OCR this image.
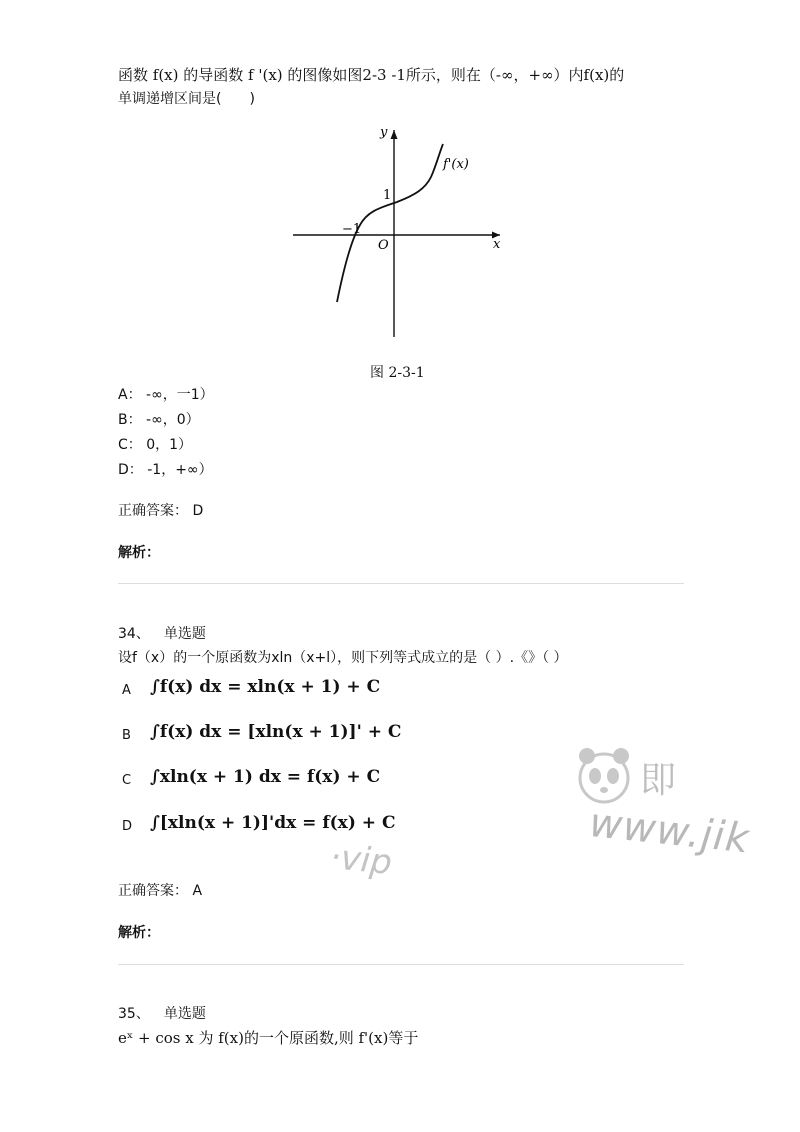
函数 f(x) 的导函数 f '(x) 的图像如图2-3 -1所示，则在（-∞，+∞）内f(x)的
单调递增区间是(　　)
y
x
O
1
−1
f'(x)
图 2-3-1
A： -∞，一1）
B： -∞，0）
C： 0，1）
D： -1，+∞）
正确答案： D
解析：
34、 单选题
设f（x）的一个原函数为xln（x+l），则下列等式成立的是（ ）.《》（ ）
A ∫f(x) dx = xln(x + 1) + C
B ∫f(x) dx = [xln(x + 1)]' + C
C ∫xln(x + 1) dx = f(x) + C
D ∫[xln(x + 1)]'dx = f(x) + C
即
www.jik
·vip
正确答案： A
解析：
35、 单选题
eˣ + cos x 为 f(x)的一个原函数,则 f'(x)等于
